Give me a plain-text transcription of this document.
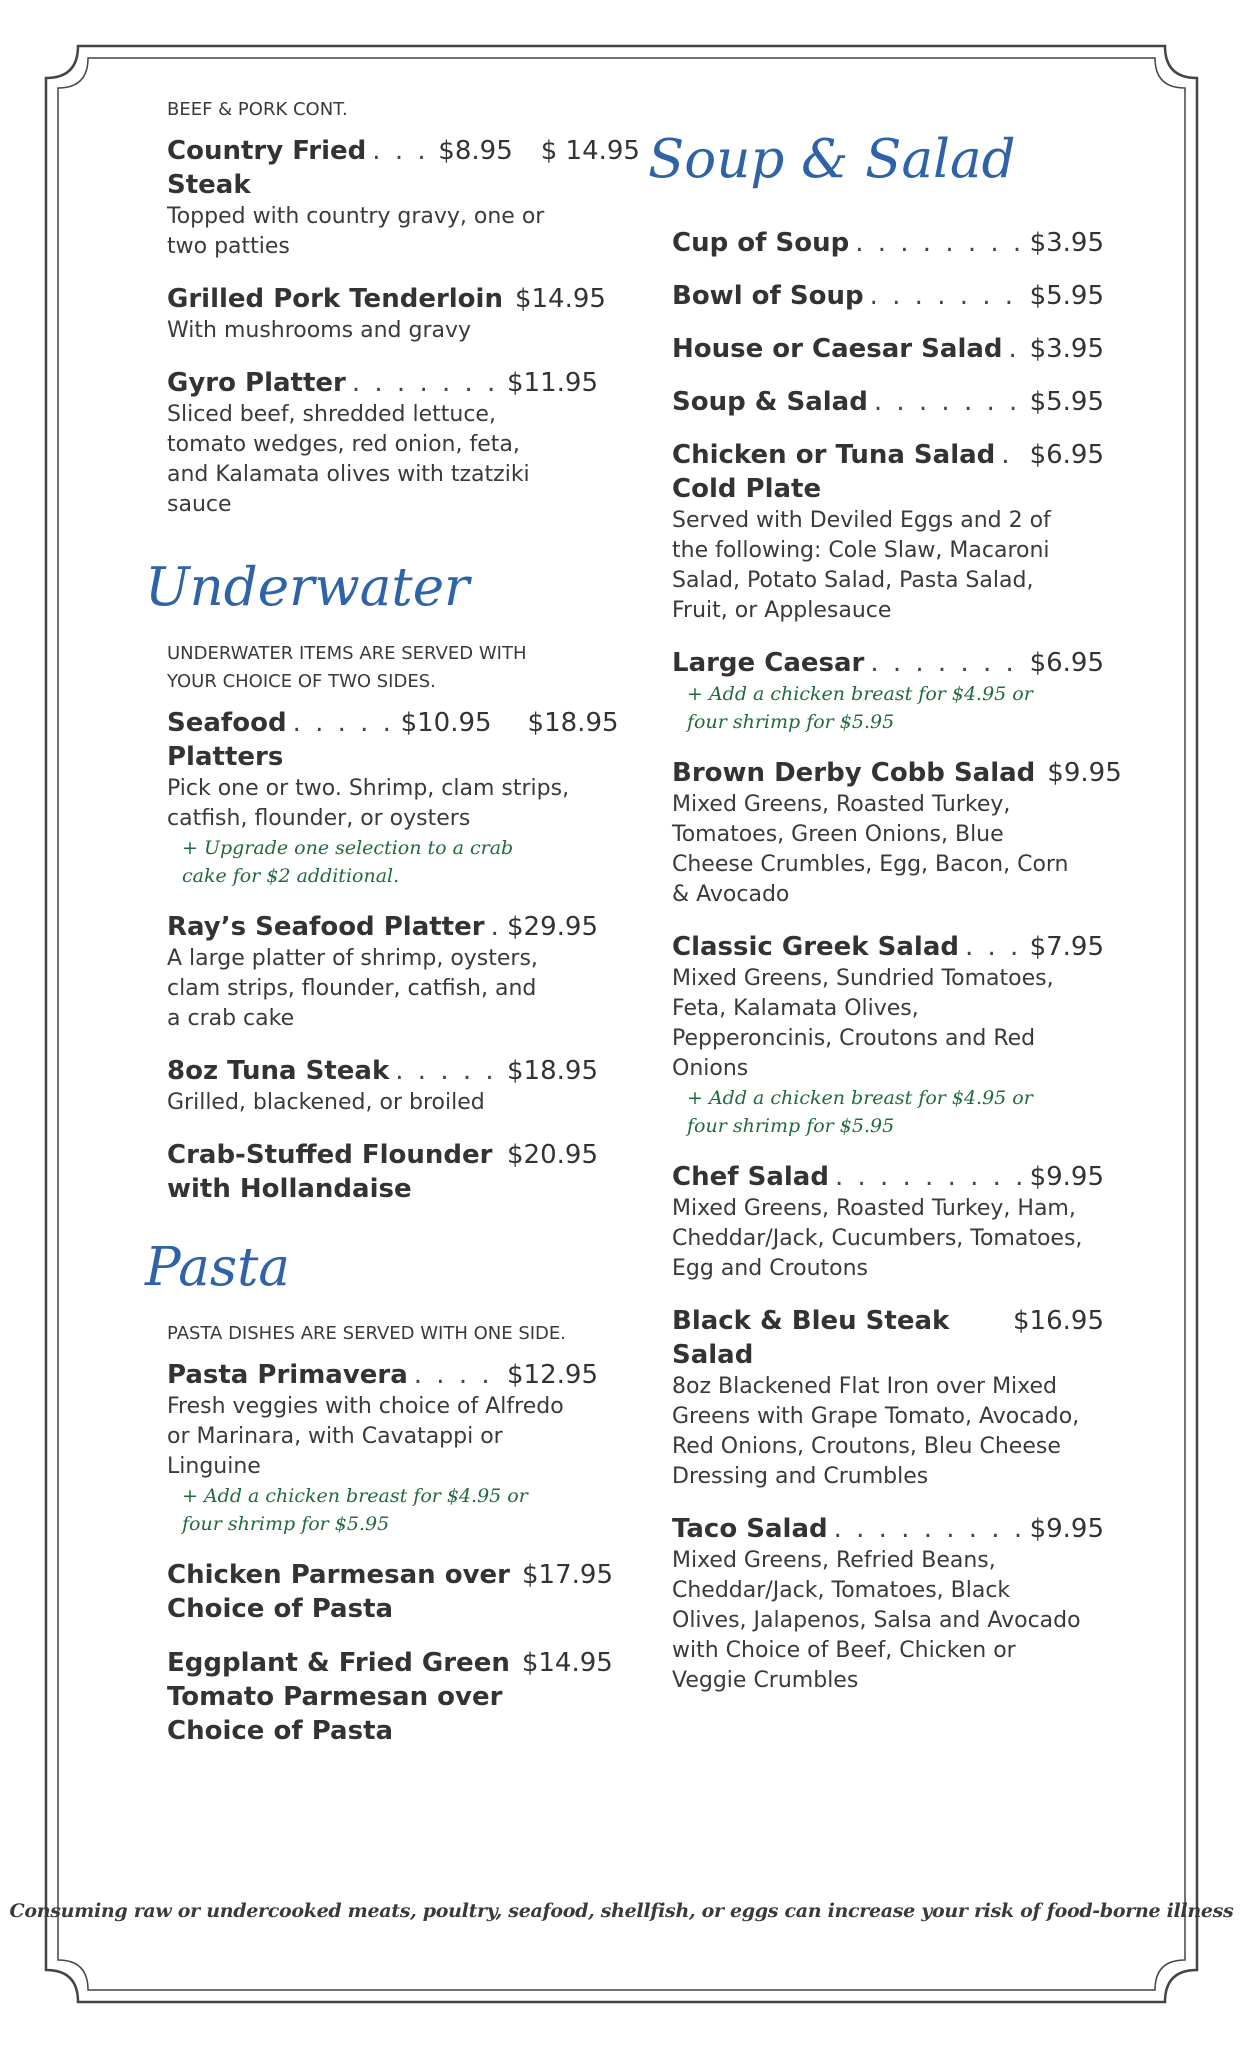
BEEF & PORK CONT.
Country Fried . . .	$8.95 $ 14.95
Steak
Topped with country gravy, one or two patties
Grilled Pork Tenderloin $14.95
With mushrooms and gravy
Gyro Platter . . .	$11.95
Sliced beef, shredded lettuce, tomato wedges, red onion, feta, and Kalamata olives with tzatziki sauce
Underwater
UNDERWATER ITEMS ARE SERVED WITH YOUR CHOICE OF TWO SIDES.
Seafood . . .	$10.95 $18.95
Platters
Pick one or two. Shrimp, clam strips, catfish, flounder, or oysters
+ Upgrade one selection to a crab cake for $2 additional.
Ray’s Seafood Platter . . . $29.95
A large platter of shrimp, oysters, clam strips, flounder, catfish, and a crab cake
8oz Tuna Steak . . .	$18.95
Grilled, blackened, or broiled
Crab-Stuffed Flounder . . . $20.95
with Hollandaise
Pasta
PASTA DISHES ARE SERVED WITH ONE SIDE.
Pasta Primavera . . .	$12.95
Fresh veggies with choice of Alfredo or Marinara, with Cavatappi or Linguine
+ Add a chicken breast for $4.95 or four shrimp for $5.95
Chicken Parmesan over $17.95
Choice of Pasta
Eggplant & Fried Green $14.95
Tomato Parmesan over Choice of Pasta
Soup & Salad
Cup of Soup . . .	$3.95
Bowl of Soup . . .	$5.95
House or Caesar Salad . . . $3.95
Soup & Salad . . .	$5.95
Chicken or Tuna Salad . . . $6.95
Cold Plate
Served with Deviled Eggs and 2 of the following: Cole Slaw, Macaroni Salad, Potato Salad, Pasta Salad, Fruit, or Applesauce
Large Caesar . . .	$6.95
+ Add a chicken breast for $4.95 or four shrimp for $5.95
Brown Derby Cobb Salad $9.95
Mixed Greens, Roasted Turkey, Tomatoes, Green Onions, Blue Cheese Crumbles, Egg, Bacon, Corn & Avocado
Classic Greek Salad . . .	$7.95
Mixed Greens, Sundried Tomatoes, Feta, Kalamata Olives, Pepperoncinis, Croutons and Red Onions
+ Add a chicken breast for $4.95 or four shrimp for $5.95
Chef Salad . . .	$9.95
Mixed Greens, Roasted Turkey, Ham, Cheddar/Jack, Cucumbers, Tomatoes, Egg and Croutons
Black & Bleu Steak Salad
$16.95
8oz Blackened Flat Iron over Mixed Greens with Grape Tomato, Avocado, Red Onions, Croutons, Bleu Cheese Dressing and Crumbles
Taco Salad . . .	$9.95
Mixed Greens, Refried Beans, Cheddar/Jack, Tomatoes, Black Olives, Jalapenos, Salsa and Avocado with Choice of Beef, Chicken or Veggie Crumbles
Consuming raw or undercooked meats, poultry, seafood, shellfish, or eggs can increase your risk of food-borne illness
